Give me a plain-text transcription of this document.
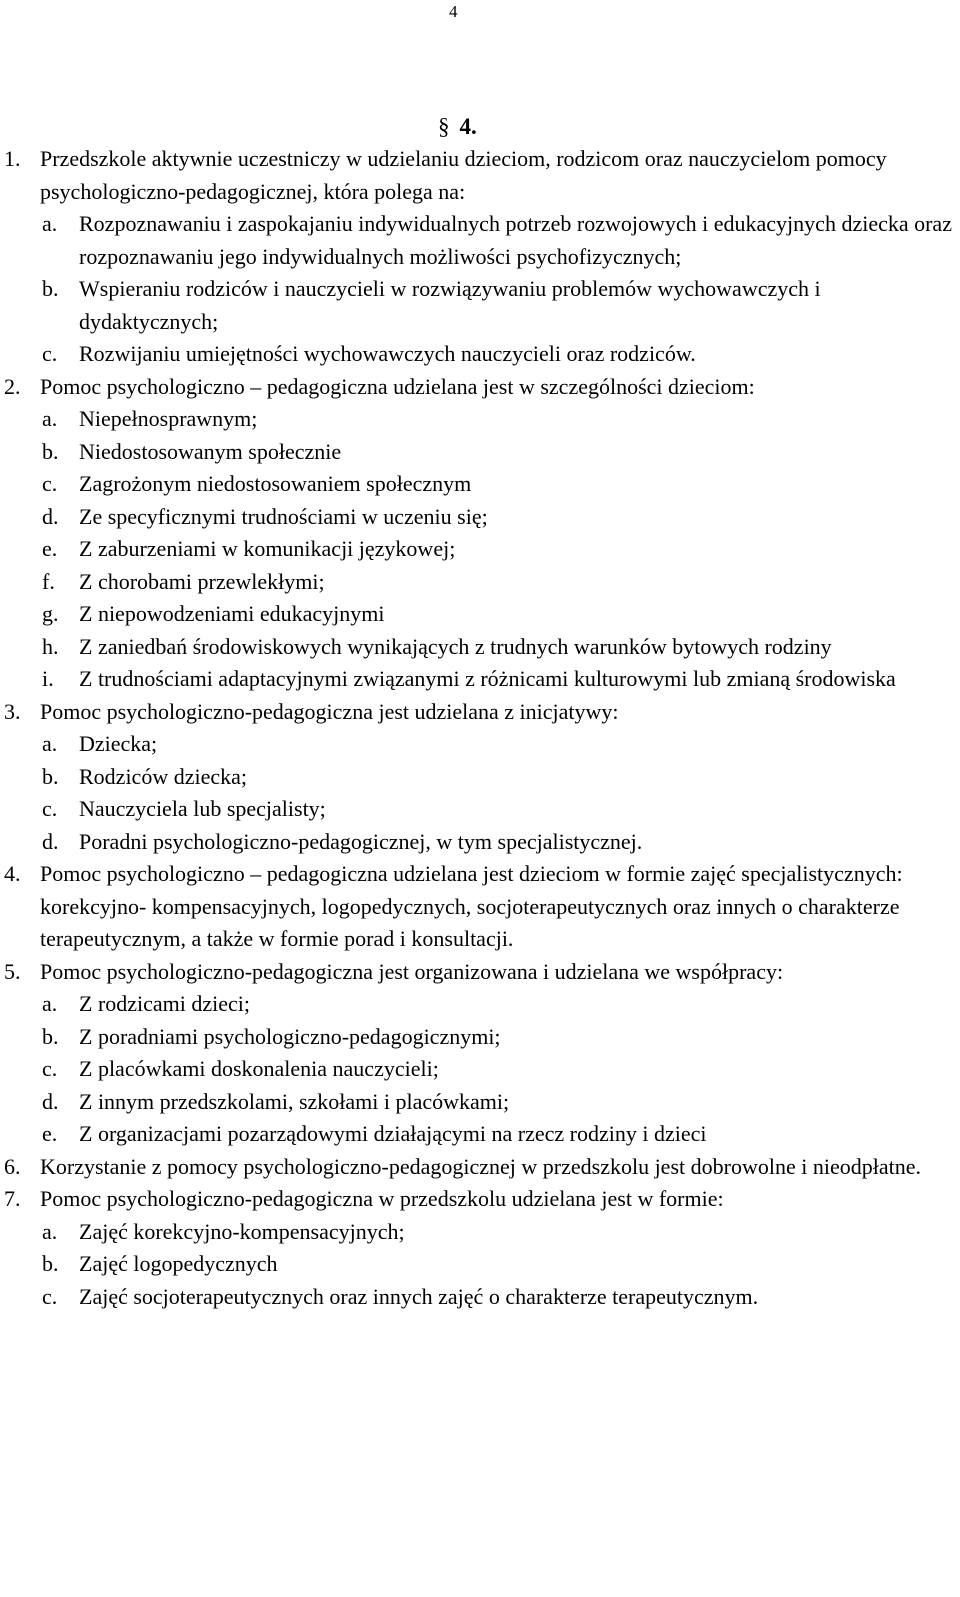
4
§ 4.
1. Przedszkole aktywnie uczestniczy w udzielaniu dzieciom, rodzicom oraz nauczycielom pomocy psychologiczno-pedagogicznej, która polega na:
a. Rozpoznawaniu i zaspokajaniu indywidualnych potrzeb rozwojowych i edukacyjnych dziecka oraz rozpoznawaniu jego indywidualnych możliwości psychofizycznych;
b. Wspieraniu rodziców i nauczycieli w rozwiązywaniu problemów wychowawczych i dydaktycznych;
c. Rozwijaniu umiejętności wychowawczych nauczycieli oraz rodziców.
2. Pomoc psychologiczno – pedagogiczna udzielana jest w szczególności dzieciom:
a. Niepełnosprawnym;
b. Niedostosowanym społecznie
c. Zagrożonym niedostosowaniem społecznym
d. Ze specyficznymi trudnościami w uczeniu się;
e. Z zaburzeniami w komunikacji językowej;
f.	Z chorobami przewlekłymi;
g. Z niepowodzeniami edukacyjnymi
h. Z zaniedbań środowiskowych wynikających z trudnych warunków bytowych rodziny
i.	Z trudnościami adaptacyjnymi związanymi z różnicami kulturowymi lub zmianą środowiska
3. Pomoc psychologiczno-pedagogiczna jest udzielana z inicjatywy:
a. Dziecka;
b. Rodziców dziecka;
c. Nauczyciela lub specjalisty;
d. Poradni psychologiczno-pedagogicznej, w tym specjalistycznej.
4. Pomoc psychologiczno – pedagogiczna udzielana jest dzieciom w formie zajęć specjalistycznych: korekcyjno- kompensacyjnych, logopedycznych, socjoterapeutycznych oraz innych o charakterze terapeutycznym, a także w formie porad i konsultacji.
5. Pomoc psychologiczno-pedagogiczna jest organizowana i udzielana we współpracy:
a. Z rodzicami dzieci;
b. Z poradniami psychologiczno-pedagogicznymi;
c. Z placówkami doskonalenia nauczycieli;
d. Z innym przedszkolami, szkołami i placówkami;
e. Z organizacjami pozarządowymi działającymi na rzecz rodziny i dzieci
6. Korzystanie z pomocy psychologiczno-pedagogicznej w przedszkolu jest dobrowolne i nieodpłatne.
7. Pomoc psychologiczno-pedagogiczna w przedszkolu udzielana jest w formie:
a. Zajęć korekcyjno-kompensacyjnych;
b. Zajęć logopedycznych
c. Zajęć socjoterapeutycznych oraz innych zajęć o charakterze terapeutycznym.
